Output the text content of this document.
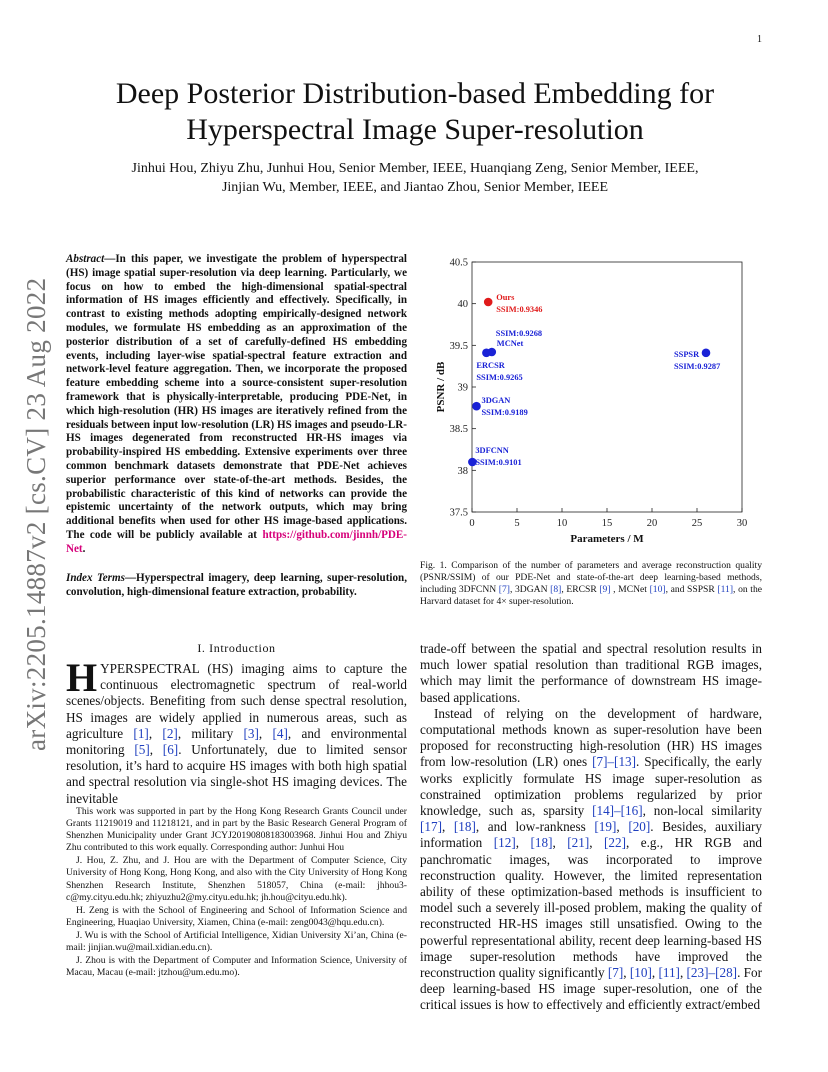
1
arXiv:2205.14887v2 [cs.CV] 23 Aug 2022
Deep Posterior Distribution-based Embedding for Hyperspectral Image Super-resolution
Jinhui Hou, Zhiyu Zhu, Junhui Hou, Senior Member, IEEE, Huanqiang Zeng, Senior Member, IEEE,
Jinjian Wu, Member, IEEE, and Jiantao Zhou, Senior Member, IEEE
Abstract—In this paper, we investigate the problem of hyperspectral (HS) image spatial super-resolution via deep learning. Particularly, we focus on how to embed the high-dimensional spatial-spectral information of HS images efficiently and effectively. Specifically, in contrast to existing methods adopting empirically-designed network modules, we formulate HS embedding as an approximation of the posterior distribution of a set of carefully-defined HS embedding events, including layer-wise spatial-spectral feature extraction and network-level feature aggregation. Then, we incorporate the proposed feature embedding scheme into a source-consistent super-resolution framework that is physically-interpretable, producing PDE-Net, in which high-resolution (HR) HS images are iteratively refined from the residuals between input low-resolution (LR) HS images and pseudo-LR-HS images degenerated from reconstructed HR-HS images via probability-inspired HS embedding. Extensive experiments over three common benchmark datasets demonstrate that PDE-Net achieves superior performance over state-of-the-art methods. Besides, the probabilistic characteristic of this kind of networks can provide the epistemic uncertainty of the network outputs, which may bring additional benefits when used for other HS image-based applications. The code will be publicly available at https://github.com/jinnh/PDE-Net.
Index Terms—Hyperspectral imagery, deep learning, super-resolution, convolution, high-dimensional feature extraction, probability.
I. Introduction
HYPERSPECTRAL (HS) imaging aims to capture the continuous electromagnetic spectrum of real-world scenes/objects. Benefiting from such dense spectral resolution, HS images are widely applied in numerous areas, such as agriculture [1], [2], military [3], [4], and environmental monitoring [5], [6]. Unfortunately, due to limited sensor resolution, it’s hard to acquire HS images with both high spatial and spectral resolution via single-shot HS imaging devices. The inevitable

This work was supported in part by the Hong Kong Research Grants Council under Grants 11219019 and 11218121, and in part by the Basic Research General Program of Shenzhen Municipality under Grant JCYJ20190808183003968. Jinhui Hou and Zhiyu Zhu contributed to this work equally. Corresponding author: Junhui Hou

J. Hou, Z. Zhu, and J. Hou are with the Department of Computer Science, City University of Hong Kong, Hong Kong, and also with the City University of Hong Kong Shenzhen Research Institute, Shenzhen 518057, China (e-mail: jhhou3-c@my.cityu.edu.hk; zhiyuzhu2@my.cityu.edu.hk; jh.hou@cityu.edu.hk).

H. Zeng is with the School of Engineering and School of Information Science and Engineering, Huaqiao University, Xiamen, China (e-mail: zeng0043@hqu.edu.cn).

J. Wu is with the School of Artificial Intelligence, Xidian University Xi’an, China (e-mail: jinjian.wu@mail.xidian.edu.cn).

J. Zhou is with the Department of Computer and Information Science, University of Macau, Macau (e-mail: jtzhou@um.edu.mo).

0	5	10	15	20	25	30
37.5
38
38.5
39
39.5
40
40.5
Parameters / M
PSNR / dB
Ours
SSIM:0.9346
SSIM:0.9268
MCNet
ERCSR
SSIM:0.9265
3DGAN
SSIM:0.9189
3DFCNN
SSIM:0.9101
SSPSR
SSIM:0.9287
Fig. 1. Comparison of the number of parameters and average reconstruction quality (PSNR/SSIM) of our PDE-Net and state-of-the-art deep learning-based methods, including 3DFCNN [7], 3DGAN [8], ERCSR [9] , MCNet [10], and SSPSR [11], on the Harvard dataset for 4× super-resolution.

trade-off between the spatial and spectral resolution results in much lower spatial resolution than traditional RGB images, which may limit the performance of downstream HS image-based applications.

Instead of relying on the development of hardware, computational methods known as super-resolution have been proposed for reconstructing high-resolution (HR) HS images from low-resolution (LR) ones [7]–[13]. Specifically, the early works explicitly formulate HS image super-resolution as constrained optimization problems regularized by prior knowledge, such as, sparsity [14]–[16], non-local similarity [17], [18], and low-rankness [19], [20]. Besides, auxiliary information [12], [18], [21], [22], e.g., HR RGB and panchromatic images, was incorporated to improve reconstruction quality. However, the limited representation ability of these optimization-based methods is insufficient to model such a severely ill-posed problem, making the quality of reconstructed HR-HS images still unsatisfied. Owing to the powerful representational ability, recent deep learning-based HS image super-resolution methods have improved the reconstruction quality significantly [7], [10], [11], [23]–[28]. For deep learning-based HS image super-resolution, one of the critical issues is how to effectively and efficiently extract/embed
